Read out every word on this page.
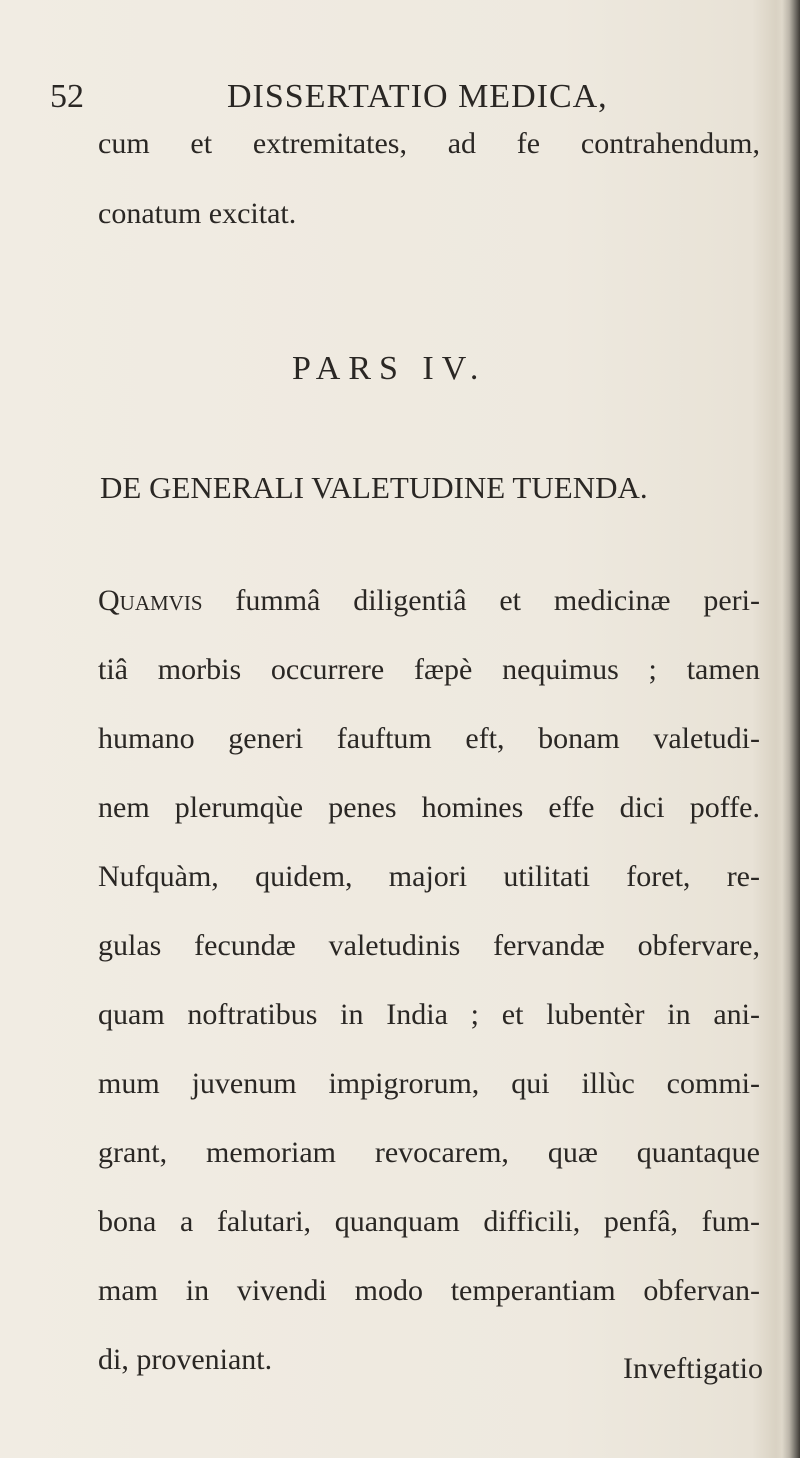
52	DISSERTATIO MEDICA,
cum et extremitates, ad fe contrahendum,
conatum excitat.
PARS IV.
DE GENERALI VALETUDINE TUENDA.
Quamvis fummâ diligentiâ et medicinæ peri-
tiâ morbis occurrere fæpè nequimus ; tamen
humano generi fauftum eft, bonam valetudi-
nem plerumqùe penes homines effe dici poffe.
Nufquàm, quidem, majori utilitati foret, re-
gulas fecundæ valetudinis fervandæ obfervare,
quam noftratibus in India ; et lubentèr in ani-
mum juvenum impigrorum, qui illùc commi-
grant, memoriam revocarem, quæ quantaque
bona a falutari, quanquam difficili, penfâ, fum-
mam in vivendi modo temperantiam obfervan-
di, proveniant.	Inveftigatio
